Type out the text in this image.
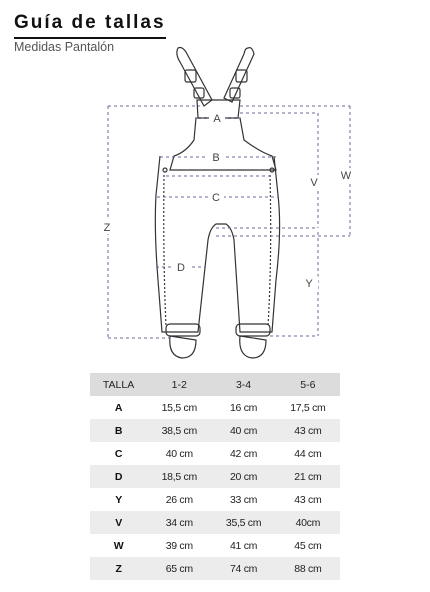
Guía de tallas
Medidas Pantalón
A
B
C
D
V
W
Y
Z
TALLA	1-2	3-4	5-6
A	15,5 cm	16 cm	17,5 cm
B	38,5 cm	40 cm	43 cm
C	40 cm	42 cm	44 cm
D	18,5 cm	20 cm	21 cm
Y	26 cm	33 cm	43 cm
V	34 cm	35,5 cm	40cm
W	39 cm	41 cm	45 cm
Z	65 cm	74 cm	88 cm
